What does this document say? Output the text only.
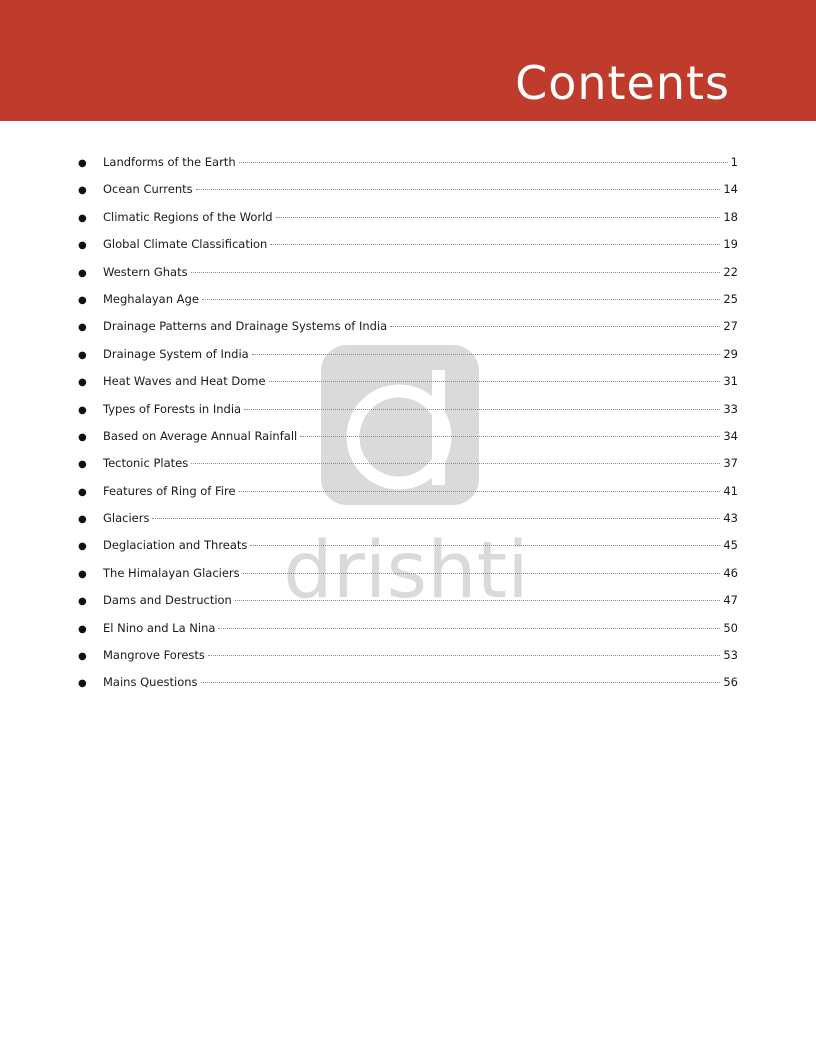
Contents
drishti
●	Landforms of the Earth	1
●	Ocean Currents	14
●	Climatic Regions of the World	18
●	Global Climate Classification	19
●	Western Ghats	22
●	Meghalayan Age	25
●	Drainage Patterns and Drainage Systems of India	27
●	Drainage System of India	29
●	Heat Waves and Heat Dome	31
●	Types of Forests in India	33
●	Based on Average Annual Rainfall	34
●	Tectonic Plates	37
●	Features of Ring of Fire	41
●	Glaciers	43
●	Deglaciation and Threats	45
●	The Himalayan Glaciers	46
●	Dams and Destruction	47
●	El Nino and La Nina	50
●	Mangrove Forests	53
●	Mains Questions	56
